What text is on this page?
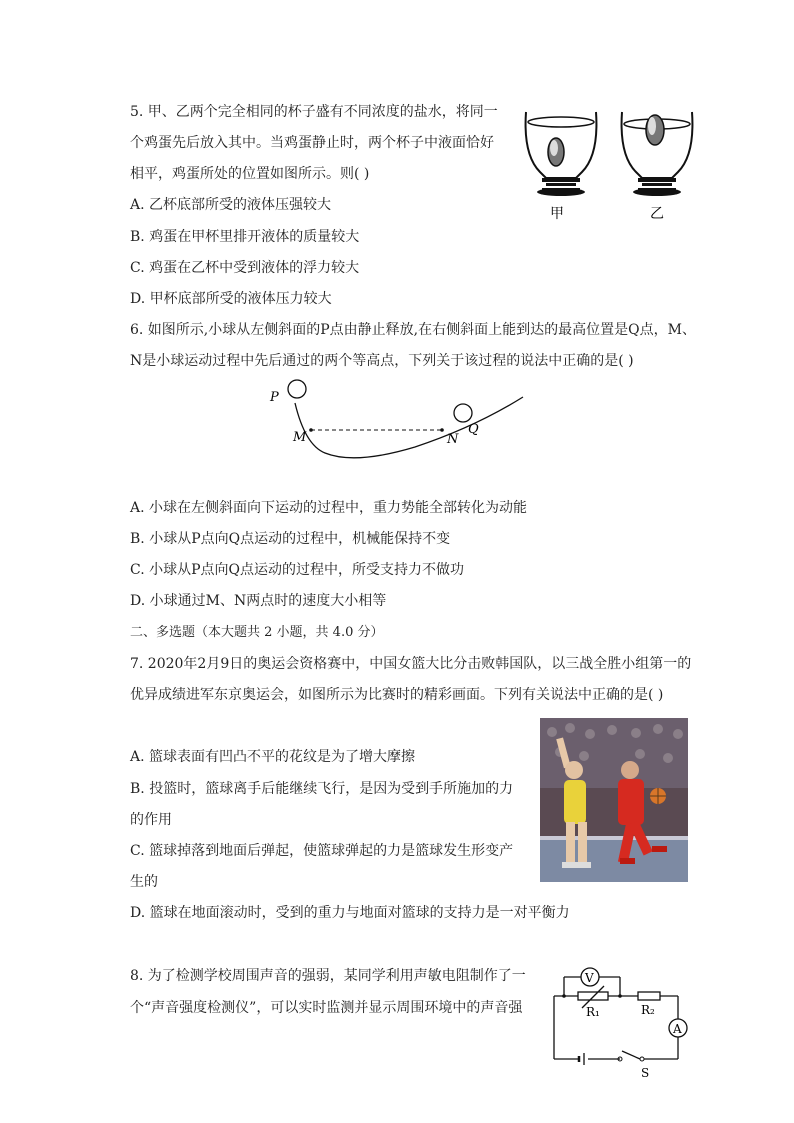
5. 甲、乙两个完全相同的杯子盛有不同浓度的盐水，将同一
个鸡蛋先后放入其中。当鸡蛋静止时，两个杯子中液面恰好
相平，鸡蛋所处的位置如图所示。则( )
A. 乙杯底部所受的液体压强较大
B. 鸡蛋在甲杯里排开液体的质量较大
C. 鸡蛋在乙杯中受到液体的浮力较大
D. 甲杯底部所受的液体压力较大
甲	乙
6. 如图所示,小球从左侧斜面的P点由静止释放,在右侧斜面上能到达的最高位置是Q点，M、
N是小球运动过程中先后通过的两个等高点，下列关于该过程的说法中正确的是( )
P
M	N
Q
A. 小球在左侧斜面向下运动的过程中，重力势能全部转化为动能
B. 小球从P点向Q点运动的过程中，机械能保持不变
C. 小球从P点向Q点运动的过程中，所受支持力不做功
D. 小球通过M、N两点时的速度大小相等
二、多选题（本大题共 2 小题，共 4.0 分）
7. 2020年2月9日的奥运会资格赛中，中国女篮大比分击败韩国队，以三战全胜小组第一的
优异成绩进军东京奥运会，如图所示为比赛时的精彩画面。下列有关说法中正确的是( )
A. 篮球表面有凹凸不平的花纹是为了增大摩擦
B. 投篮时，篮球离手后能继续飞行，是因为受到手所施加的力
的作用
C. 篮球掉落到地面后弹起，使篮球弹起的力是篮球发生形变产
生的
D. 篮球在地面滚动时，受到的重力与地面对篮球的支持力是一对平衡力
8. 为了检测学校周围声音的强弱，某同学利用声敏电阻制作了一
个“声音强度检测仪”，可以实时监测并显示周围环境中的声音强
V
R₁	R₂
A
S
